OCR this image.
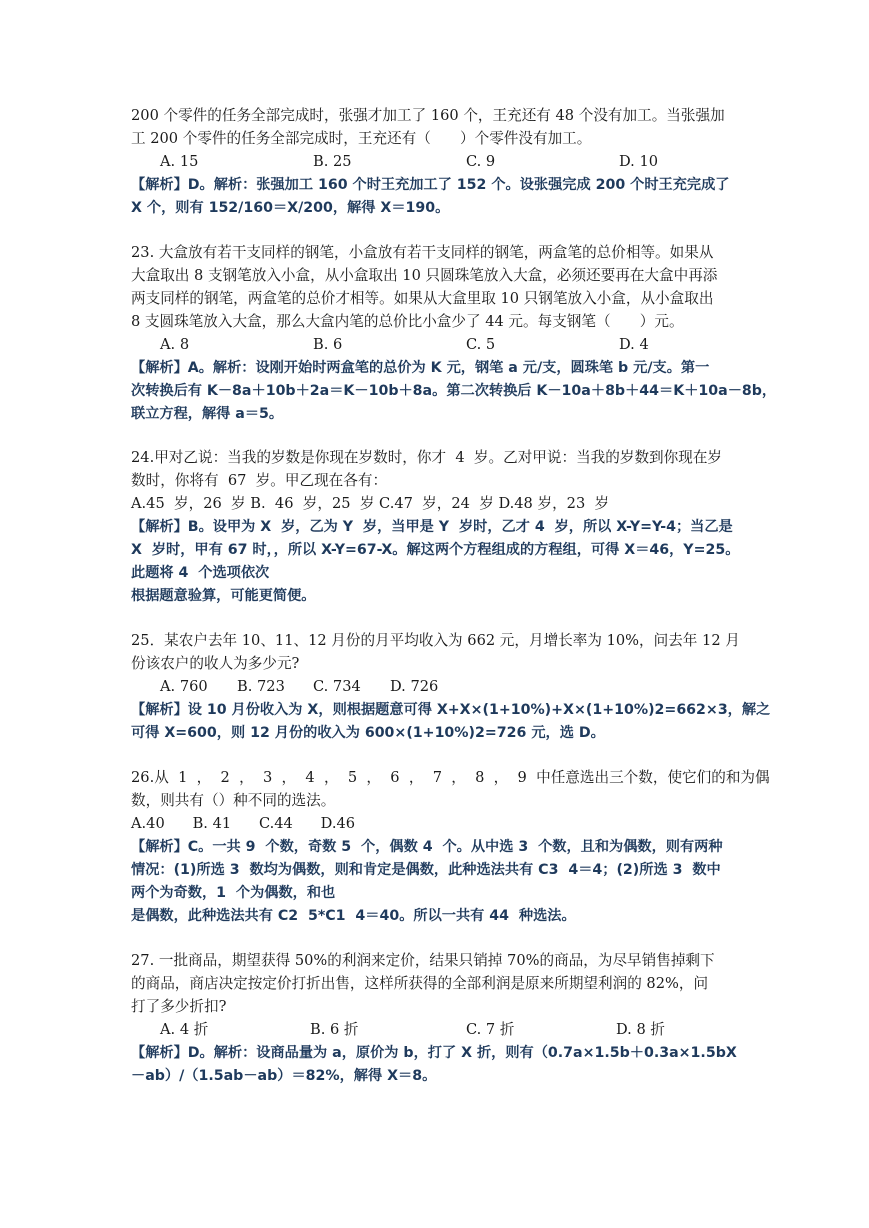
200 个零件的任务全部完成时，张强才加工了 160 个，王充还有 48 个没有加工。当张强加
工 200 个零件的任务全部完成时，王充还有（　　）个零件没有加工。
A. 15	B. 25	C. 9	D. 10
【解析】D。解析：张强加工 160 个时王充加工了 152 个。设张强完成 200 个时王充完成了
X 个，则有 152/160＝X/200，解得 X＝190。
23. 大盒放有若干支同样的钢笔，小盒放有若干支同样的钢笔，两盒笔的总价相等。如果从
大盒取出 8 支钢笔放入小盒，从小盒取出 10 只圆珠笔放入大盒，必须还要再在大盒中再添
两支同样的钢笔，两盒笔的总价才相等。如果从大盒里取 10 只钢笔放入小盒，从小盒取出
8 支圆珠笔放入大盒，那么大盒内笔的总价比小盒少了 44 元。每支钢笔（　　）元。
A. 8	B. 6	C. 5	D. 4
【解析】A。解析：设刚开始时两盒笔的总价为 K 元，钢笔 a 元/支，圆珠笔 b 元/支。第一
次转换后有 K－8a＋10b＋2a＝K－10b＋8a。第二次转换后 K－10a＋8b＋44＝K＋10a－8b，
联立方程，解得 a＝5。
24.甲对乙说：当我的岁数是你现在岁数时，你才  4  岁。乙对甲说：当我的岁数到你现在岁
数时，你将有  67  岁。甲乙现在各有：
A.45  岁，26  岁 B.  46  岁，25  岁 C.47  岁，24  岁 D.48 岁，23  岁
【解析】B。设甲为 X  岁，乙为 Y  岁，当甲是 Y  岁时，乙才 4  岁，所以 X-Y=Y-4；当乙是
X  岁时，甲有 67 时，，所以 X-Y=67-X。解这两个方程组成的方程组，可得 X＝46，Y=25。
此题将 4  个选项依次
根据题意验算，可能更简便。
25．某农户去年 10、11、12 月份的月平均收入为 662 元，月增长率为 10%，问去年 12 月
份该农户的收人为多少元?
A. 760 B. 723 C. 734 D. 726
【解析】设 10 月份收入为 X，则根据题意可得 X+X×(1+10%)+X×(1+10%)2=662×3，解之
可得 X=600，则 12 月份的收入为 600×(1+10%)2=726 元，选 D。
26.从  1  ，  2  ，  3  ，  4  ，  5  ，  6  ，  7  ，  8  ，  9  中任意选出三个数，使它们的和为偶
数，则共有（）种不同的选法。
A.40      B. 41      C.44      D.46
【解析】C。一共 9  个数，奇数 5  个，偶数 4  个。从中选 3  个数，且和为偶数，则有两种
情况：(1)所选 3  数均为偶数，则和肯定是偶数，此种选法共有 C3  4＝4；(2)所选 3  数中
两个为奇数，1  个为偶数，和也
是偶数，此种选法共有 C2  5*C1  4＝40。所以一共有 44  种选法。
27. 一批商品，期望获得 50%的利润来定价，结果只销掉 70%的商品，为尽早销售掉剩下
的商品，商店决定按定价打折出售，这样所获得的全部利润是原来所期望利润的 82%，问
打了多少折扣?
A. 4 折	B. 6 折	C. 7 折	D. 8 折
【解析】D。解析：设商品量为 a，原价为 b，打了 X 折，则有（0.7a×1.5b＋0.3a×1.5bX
－ab）/（1.5ab－ab）＝82%，解得 X＝8。
